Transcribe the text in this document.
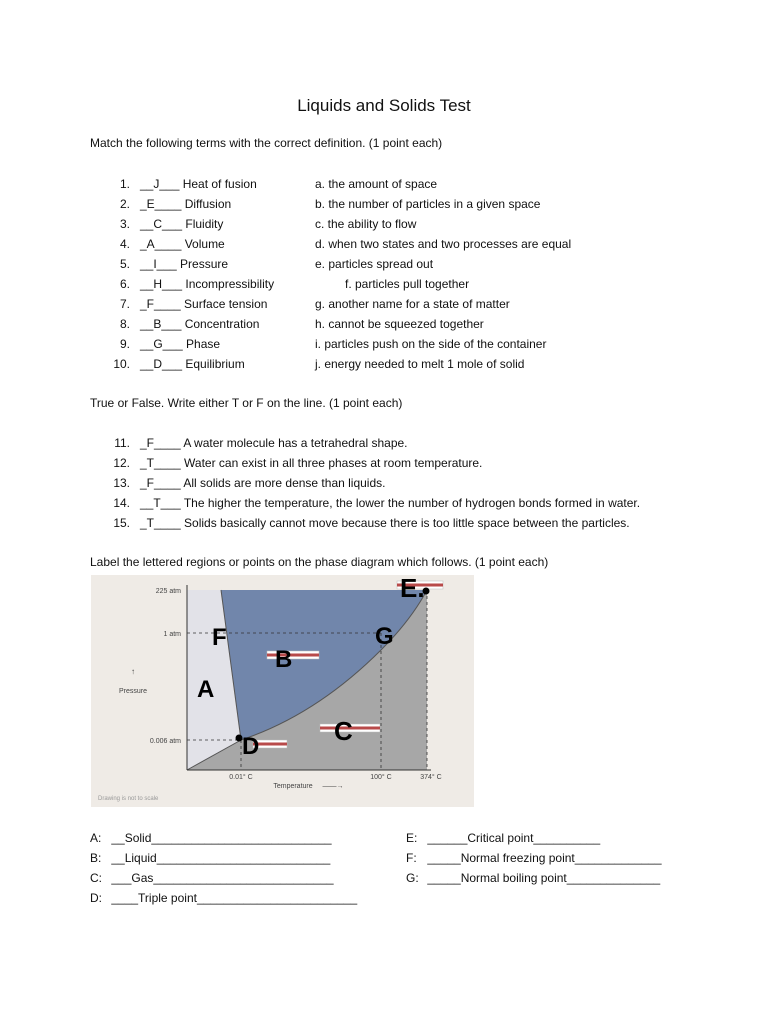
Liquids and Solids Test
Match the following terms with the correct definition. (1 point each)
1. __J___ Heat of fusion	a. the amount of space
2. _E____ Diffusion	b. the number of particles in a given space
3. __C___ Fluidity	c. the ability to flow
4. _A____ Volume	d. when two states and two processes are equal
5. __I___ Pressure	e. particles spread out
6. __H___ Incompressibility	f. particles pull together
7. _F____ Surface tension	g. another name for a state of matter
8. __B___ Concentration	h. cannot be squeezed together
9. __G___ Phase	i. particles push on the side of the container
10. __D___ Equilibrium	j. energy needed to melt 1 mole of solid
True or False. Write either T or F on the line. (1 point each)
11. _F____ A water molecule has a tetrahedral shape.
12. _T____ Water can exist in all three phases at room temperature.
13. _F____ All solids are more dense than liquids.
14. __T___ The higher the temperature, the lower the number of hydrogen bonds formed in water.
15. _T____ Solids basically cannot move because there is too little space between the particles.
Label the lettered regions or points on the phase diagram which follows. (1 point each)
225 atm
1 atm
0.006 atm
0.01° C	100° C	374° C
↑
Pressure
Temperature ——→
Drawing is not to scale
A
B
C
D
E.
F	G
A: __Solid___________________________
B: __Liquid__________________________
C: ___Gas___________________________
D: ____Triple point________________________
E: ______Critical point__________
F: _____Normal freezing point_____________
G: _____Normal boiling point______________
